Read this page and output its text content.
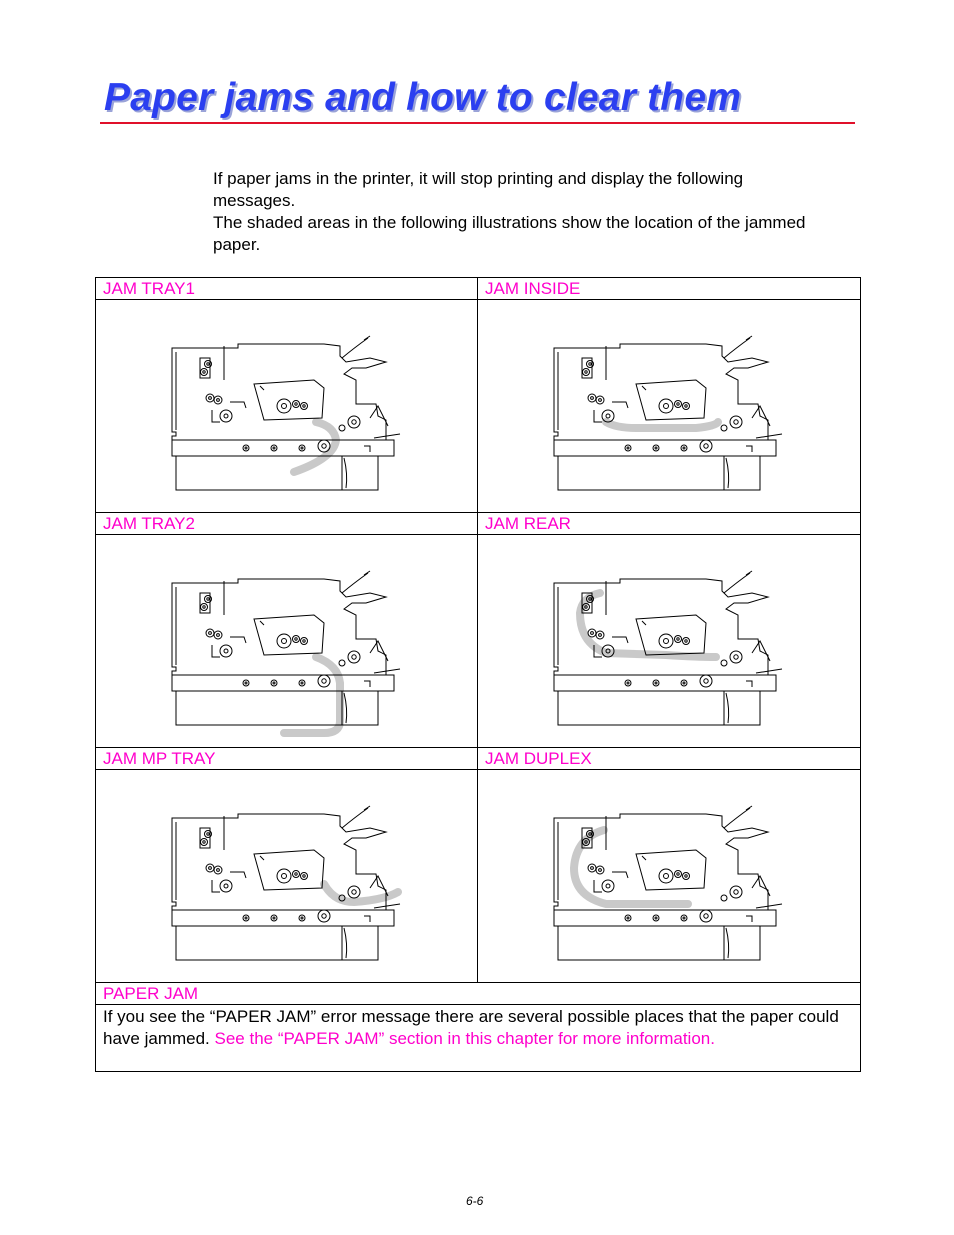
Paper jams and how to clear them

If paper jams in the printer, it will stop printing and display the following messages.

The shaded areas in the following illustrations show the location of the jammed paper.

JAM TRAY1	JAM INSIDE

JAM TRAY2	JAM REAR

JAM MP TRAY	JAM DUPLEX

PAPER JAM	
If you see the “PAPER JAM” error message there are several possible places that the paper could have jammed. See the “PAPER JAM” section in this chapter for more information.	
6-6
